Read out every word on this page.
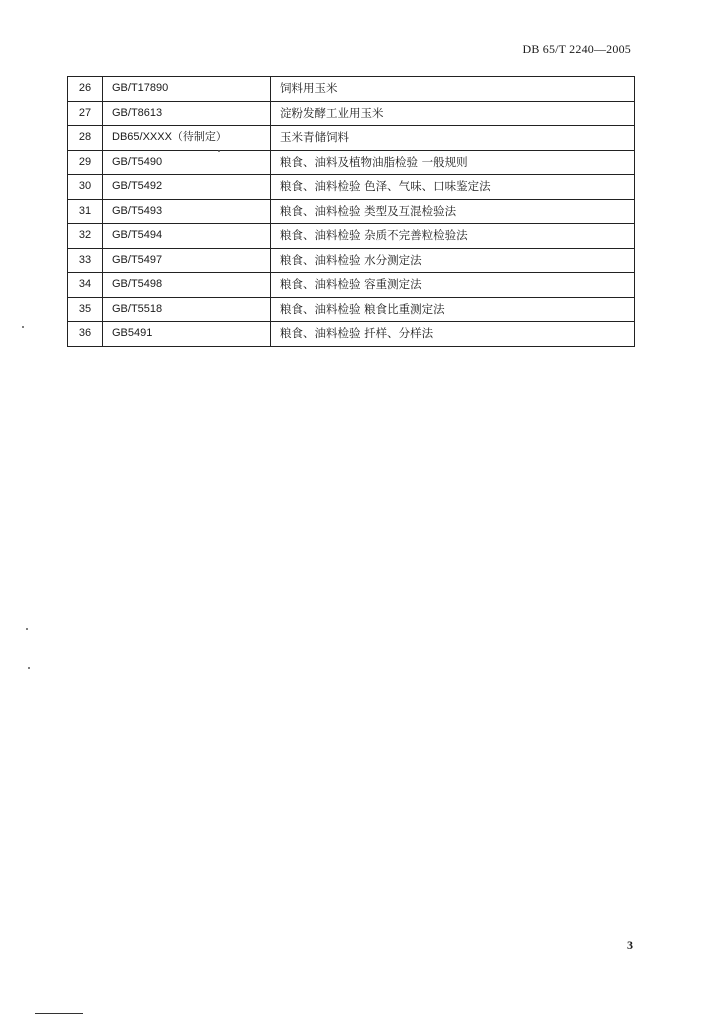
DB 65/T 2240—2005
26	GB/T17890	饲料用玉米
27	GB/T8613	淀粉发酵工业用玉米
28	DB65/XXXX（待制定）	玉米青储饲料
29	GB/T5490	粮食、油料及植物油脂检验 一般规则
30	GB/T5492	粮食、油料检验 色泽、气味、口味鉴定法
31	GB/T5493	粮食、油料检验 类型及互混检验法
32	GB/T5494	粮食、油料检验 杂质不完善粒检验法
33	GB/T5497	粮食、油料检验 水分测定法
34	GB/T5498	粮食、油料检验 容重测定法
35	GB/T5518	粮食、油料检验 粮食比重测定法
36	GB5491	粮食、油料检验 扦样、分样法
3
